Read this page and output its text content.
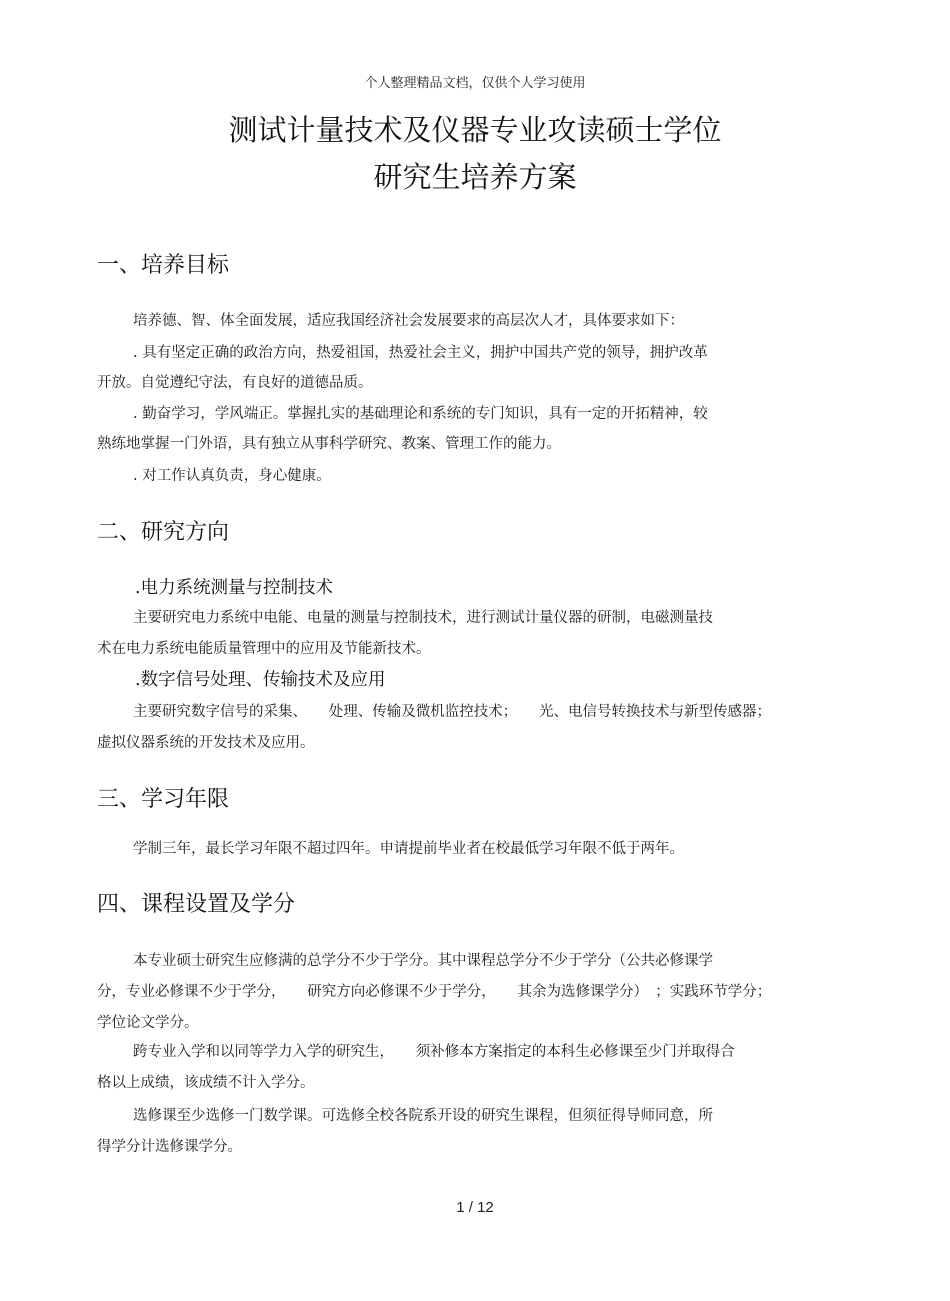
个人整理精品文档，仅供个人学习使用
测试计量技术及仪器专业攻读硕士学位
研究生培养方案
一、培养目标
培养德、智、体全面发展，适应我国经济社会发展要求的高层次人才，具体要求如下：
. 具有坚定正确的政治方向，热爱祖国，热爱社会主义，拥护中国共产党的领导，拥护改革
开放。自觉遵纪守法，有良好的道德品质。
. 勤奋学习，学风端正。掌握扎实的基础理论和系统的专门知识，具有一定的开拓精神，较
熟练地掌握一门外语，具有独立从事科学研究、教案、管理工作的能力。
. 对工作认真负责，身心健康。
二、研究方向
.电力系统测量与控制技术
主要研究电力系统中电能、电量的测量与控制技术，进行测试计量仪器的研制，电磁测量技
术在电力系统电能质量管理中的应用及节能新技术。
.数字信号处理、传输技术及应用
主要研究数字信号的采集、　　处理、传输及微机监控技术；　　光、电信号转换技术与新型传感器；
虚拟仪器系统的开发技术及应用。
三、学习年限
学制三年，最长学习年限不超过四年。申请提前毕业者在校最低学习年限不低于两年。
四、课程设置及学分
本专业硕士研究生应修满的总学分不少于学分。其中课程总学分不少于学分（公共必修课学
分，专业必修课不少于学分，　　研究方向必修课不少于学分，　　其余为选修课学分）　；实践环节学分；
学位论文学分。
跨专业入学和以同等学力入学的研究生，　　须补修本方案指定的本科生必修课至少门并取得合
格以上成绩，该成绩不计入学分。
选修课至少选修一门数学课。可选修全校各院系开设的研究生课程，但须征得导师同意，所
得学分计选修课学分。
1 / 12
